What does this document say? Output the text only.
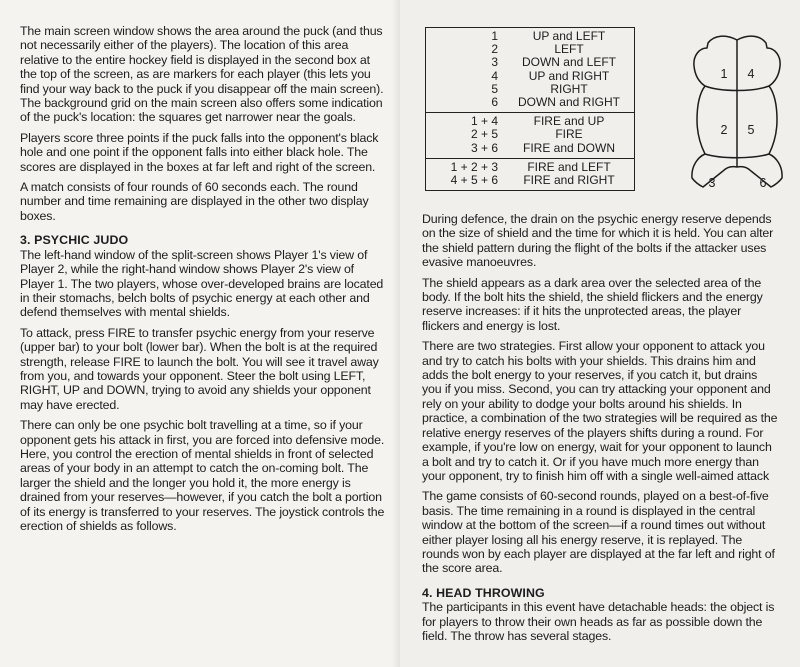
The main screen window shows the area around the puck (and thus not necessarily either of the players). The location of this area relative to the entire hockey field is displayed in the second box at the top of the screen, as are markers for each player (this lets you find your way back to the puck if you disappear off the main screen). The background grid on the main screen also offers some indication of the puck's location: the squares get narrower near the goals.

Players score three points if the puck falls into the opponent's black hole and one point if the opponent falls into either black hole. The scores are displayed in the boxes at far left and right of the screen.

A match consists of four rounds of 60 seconds each. The round number and time remaining are displayed in the other two display boxes.

3. PSYCHIC JUDO

The left-hand window of the split-screen shows Player 1's view of Player 2, while the right-hand window shows Player 2's view of Player 1. The two players, whose over-developed brains are located in their stomachs, belch bolts of psychic energy at each other and defend themselves with mental shields.

To attack, press FIRE to transfer psychic energy from your reserve (upper bar) to your bolt (lower bar). When the bolt is at the required strength, release FIRE to launch the bolt. You will see it travel away from you, and towards your opponent. Steer the bolt using LEFT, RIGHT, UP and DOWN, trying to avoid any shields your opponent may have erected.

There can only be one psychic bolt travelling at a time, so if your opponent gets his attack in first, you are forced into defensive mode. Here, you control the erection of mental shields in front of selected areas of your body in an attempt to catch the on-coming bolt. The larger the shield and the longer you hold it, the more energy is drained from your reserves—however, if you catch the bolt a portion of its energy is transferred to your reserves. The joystick controls the erection of shields as follows.

1	UP and LEFT
2	LEFT
3	DOWN and LEFT
4	UP and RIGHT
5	RIGHT
6	DOWN and RIGHT
1 + 4	FIRE and UP
2 + 5	FIRE
3 + 6	FIRE and DOWN
1 + 2 + 3	FIRE and LEFT
4 + 5 + 6	FIRE and RIGHT
1 4
2 5
3	6

During defence, the drain on the psychic energy reserve depends on the size of shield and the time for which it is held. You can alter the shield pattern during the flight of the bolts if the attacker uses evasive manoeuvres.

The shield appears as a dark area over the selected area of the body. If the bolt hits the shield, the shield flickers and the energy reserve increases: if it hits the unprotected areas, the player flickers and energy is lost.

There are two strategies. First allow your opponent to attack you and try to catch his bolts with your shields. This drains him and adds the bolt energy to your reserves, if you catch it, but drains you if you miss. Second, you can try attacking your opponent and rely on your ability to dodge your bolts around his shields. In practice, a combination of the two strategies will be required as the relative energy reserves of the players shifts during a round. For example, if you're low on energy, wait for your opponent to launch a bolt and try to catch it. Or if you have much more energy than your opponent, try to finish him off with a single well-aimed attack

The game consists of 60-second rounds, played on a best-of-five basis. The time remaining in a round is displayed in the central window at the bottom of the screen—if a round times out without either player losing all his energy reserve, it is replayed. The rounds won by each player are displayed at the far left and right of the score area.

4. HEAD THROWING

The participants in this event have detachable heads: the object is for players to throw their own heads as far as possible down the field. The throw has several stages.
